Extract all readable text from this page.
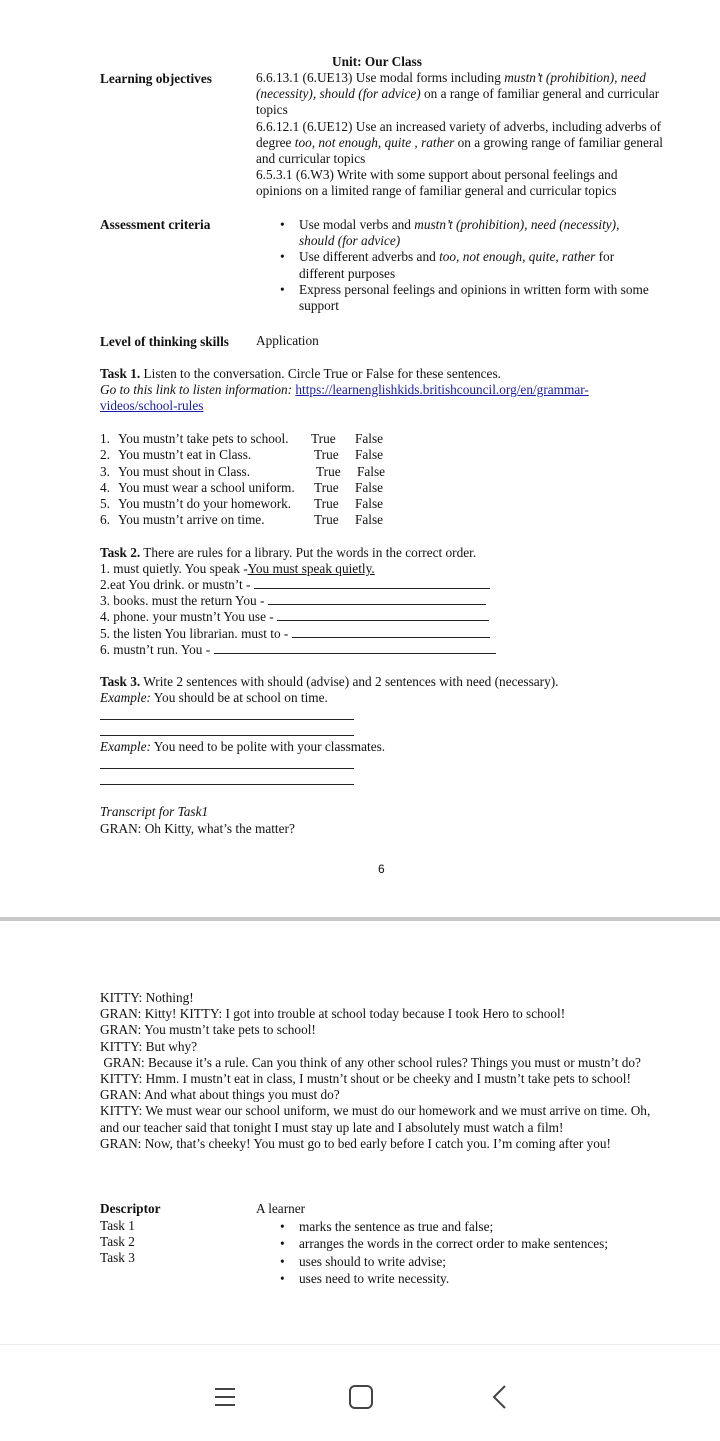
Unit: Our Class
Learning objectives	6.6.13.1 (6.UE13) Use modal forms including mustn’t (prohibition), need (necessity), should (for advice) on a range of familiar general and curricular topics
6.6.12.1 (6.UE12) Use an increased variety of adverbs, including adverbs of degree too, not enough, quite , rather on a growing range of familiar general and curricular topics
6.5.3.1 (6.W3) Write with some support about personal feelings and opinions on a limited range of familiar general and curricular topics
Assessment criteria
•	Use modal verbs and mustn’t (prohibition), need (necessity), should (for advice)
• Use different adverbs and too, not enough, quite, rather for different purposes
• Express personal feelings and opinions in written form with some support
Level of thinking skills Application
Task 1. Listen to the conversation. Circle True or False for these sentences.
Go to this link to listen information: https://learnenglishkids.britishcouncil.org/en/grammar-
videos/school-rules
1. You mustn’t take pets to school. True False
2. You mustn’t eat in Class.	True False
3. You must shout in Class.	True False
4. You must wear a school uniform. True False
5. You mustn’t do your homework. True False
6. You mustn’t arrive on time.	True False
Task 2. There are rules for a library. Put the words in the correct order.
1. must quietly. You speak -You must speak quietly.
2.eat You drink. or mustn’t -
3. books. must the return You -
4. phone. your mustn’t You use -
5. the listen You librarian. must to -
6. mustn’t run. You -
Task 3. Write 2 sentences with should (advise) and 2 sentences with need (necessary).
Example: You should be at school on time.
Example: You need to be polite with your classmates.
Transcript for Task1
GRAN: Oh Kitty, what’s the matter?
6
KITTY: Nothing!
GRAN: Kitty! KITTY: I got into trouble at school today because I took Hero to school!
GRAN: You mustn’t take pets to school!
KITTY: But why?
GRAN: Because it’s a rule. Can you think of any other school rules? Things you must or mustn’t do?
KITTY: Hmm. I mustn’t eat in class, I mustn’t shout or be cheeky and I mustn’t take pets to school!
GRAN: And what about things you must do?
KITTY: We must wear our school uniform, we must do our homework and we must arrive on time. Oh, and our teacher said that tonight I must stay up late and I absolutely must watch a film!
GRAN: Now, that’s cheeky! You must go to bed early before I catch you. I’m coming after you!
Descriptor
Task 1
Task 2
Task 3
A learner
• marks the sentence as true and false;
• arranges the words in the correct order to make sentences;
• uses should to write advise;
• uses need to write necessity.
